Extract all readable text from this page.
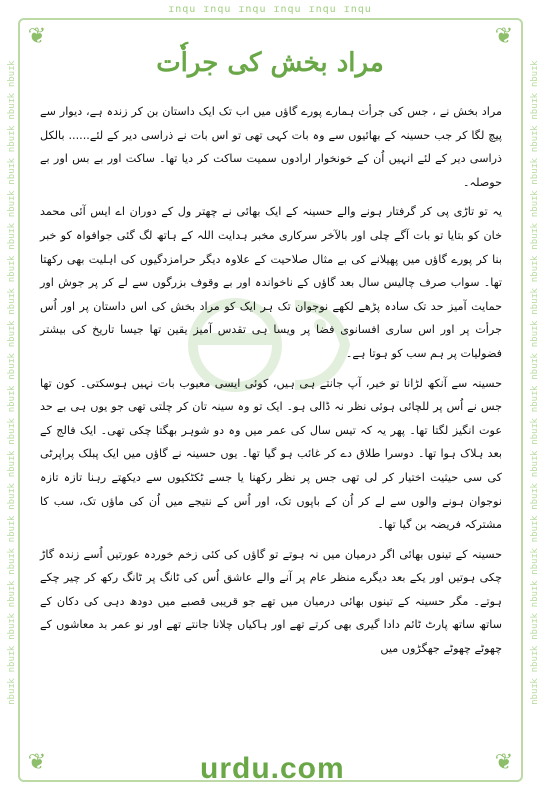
ɪnqu ɪnqu ɪnqu ɪnqu ɪnqu ɪnqu
ʞɪnqu ʞɪnqu ʞɪnqu ʞɪnqu ʞɪnqu ʞɪnqu ʞɪnqu ʞɪnqu ʞɪnqu ʞɪnqu ʞɪnqu ʞɪnqu ʞɪnqu ʞɪnqu ʞɪnqu ʞɪnqu ʞɪnqu ʞɪnqu ʞɪnqu ʞɪnqu	ʞɪnqu ʞɪnqu ʞɪnqu ʞɪnqu ʞɪnqu ʞɪnqu ʞɪnqu ʞɪnqu ʞɪnqu ʞɪnqu ʞɪnqu ʞɪnqu ʞɪnqu ʞɪnqu ʞɪnqu ʞɪnqu ʞɪnqu ʞɪnqu ʞɪnqu ʞɪnqu
❦	❦
❦	❦
مراد بخش کی جراٗت

مراد بخش نے ، جس کی جرأت ہمارے پورے گاؤں میں اب تک ایک داستان بن کر زندہ ہے، دیوار سے پیچ لگا کر جب حسینہ کے بھائیوں سے وہ بات کہی تھی تو اس بات نے ذراسی دیر کے لئے...... بالکل ذراسی دیر کے لئے انہیں اُن کے خونخوار ارادوں سمیت ساکت کر دیا تھا۔ ساکت اور بے بس اور بے حوصلہ۔

یہ تو تاڑی پی کر گرفتار ہونے والے حسینہ کے ایک بھائی نے چھتر ول کے دوران اے ایس آئی محمد خان کو بتایا تو بات آگے چلی اور بالآخر سرکاری مخبر ہدایت اللہ کے ہاتھ لگ گئی جوافواہ کو خبر بنا کر پورے گاؤں میں پھیلانے کی بے مثال صلاحیت کے علاوہ دیگر حرامزدگیوں کی اہلیت بھی رکھتا تھا۔ سواب صرف چالیس سال بعد گاؤں کے ناخواندہ اور بے وقوف بزرگوں سے لے کر پر جوش اور حمایت آمیز حد تک سادہ پڑھے لکھے نوجوان تک ہر ایک کو مراد بخش کی اس داستان پر اور اُس جرأت پر اور اس ساری افسانوی فضا پر ویسا ہی تقدس آمیز یقین تھا جیسا تاریخ کی بیشتر فضولیات پر ہم سب کو ہوتا ہے۔

حسینہ سے آنکھ لڑانا تو خیر، آپ جانتے ہی ہیں، کوئی ایسی معیوب بات نہیں ہوسکتی۔ کون تھا جس نے اُس پر للچائی ہوئی نظر نہ ڈالی ہو۔ ایک تو وہ سینہ تان کر چلتی تھی جو یوں ہی بے حد عوت انگیز لگتا تھا۔ پھر یہ کہ تیس سال کی عمر میں وہ دو شوہر بھگتا چکی تھی۔ ایک فالج کے بعد ہلاک ہوا تھا۔ دوسرا طلاق دے کر غائب ہو گیا تھا۔ یوں حسینہ نے گاؤں میں ایک پبلک پراپرٹی کی سی حیثیت اختیار کر لی تھی جس پر نظر رکھنا یا جسے ٹکٹکیوں سے دیکھتے رہنا تازہ تازہ نوجوان ہونے والوں سے لے کر اُن کے باپوں تک، اور اُس کے نتیجے میں اُن کی ماؤں تک، سب کا مشترکہ فریضہ بن گیا تھا۔

حسینہ کے تینوں بھائی اگر درمیان میں نہ ہوتے تو گاؤں کی کئی زخم خوردہ عورتیں اُسے زندہ گاڑ چکی ہوتیں اور یکے بعد دیگرے منظر عام پر آنے والے عاشق اُس کی ٹانگ پر ٹانگ رکھ کر چیر چکے ہوتے۔ مگر حسینہ کے تینوں بھائی درمیان میں تھے جو قریبی قصبے میں دودھ دہی کی دکان کے ساتھ ساتھ پارٹ ٹائم دادا گیری بھی کرتے تھے اور ہاکیاں چلانا جانتے تھے اور نو عمر بد معاشوں کے چھوٹے چھوٹے جھگڑوں میں

urdu.com
